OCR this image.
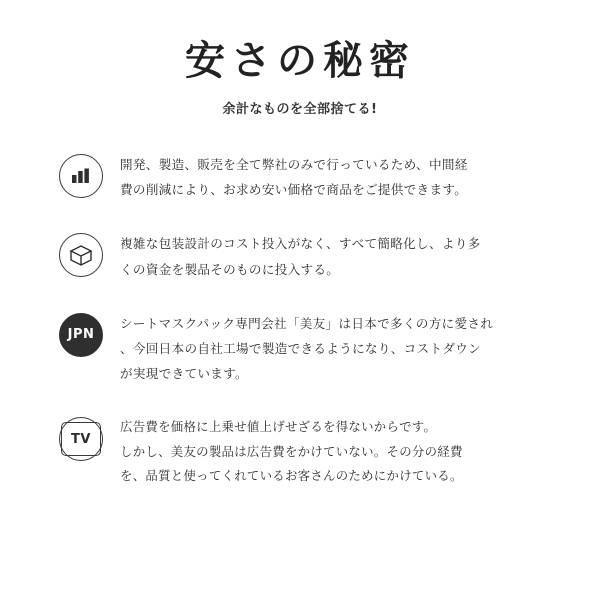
安さの秘密
余計なものを全部捨てる!
開発、製造、販売を全て弊社のみで行っているため、中間経
費の削減により、お求め安い価格で商品をご提供できます。
複雑な包装設計のコスト投入がなく、すべて簡略化し、より多
くの資金を製品そのものに投入する。
JPN
シートマスクパック専門会社「美友」は日本で多くの方に愛され
、今回日本の自社工場で製造できるようになり、コストダウン
が実現できています。
TV
広告費を価格に上乗せ値上げせざるを得ないからです。
しかし、美友の製品は広告費をかけていない。その分の経費
を、品質と使ってくれているお客さんのためにかけている。
